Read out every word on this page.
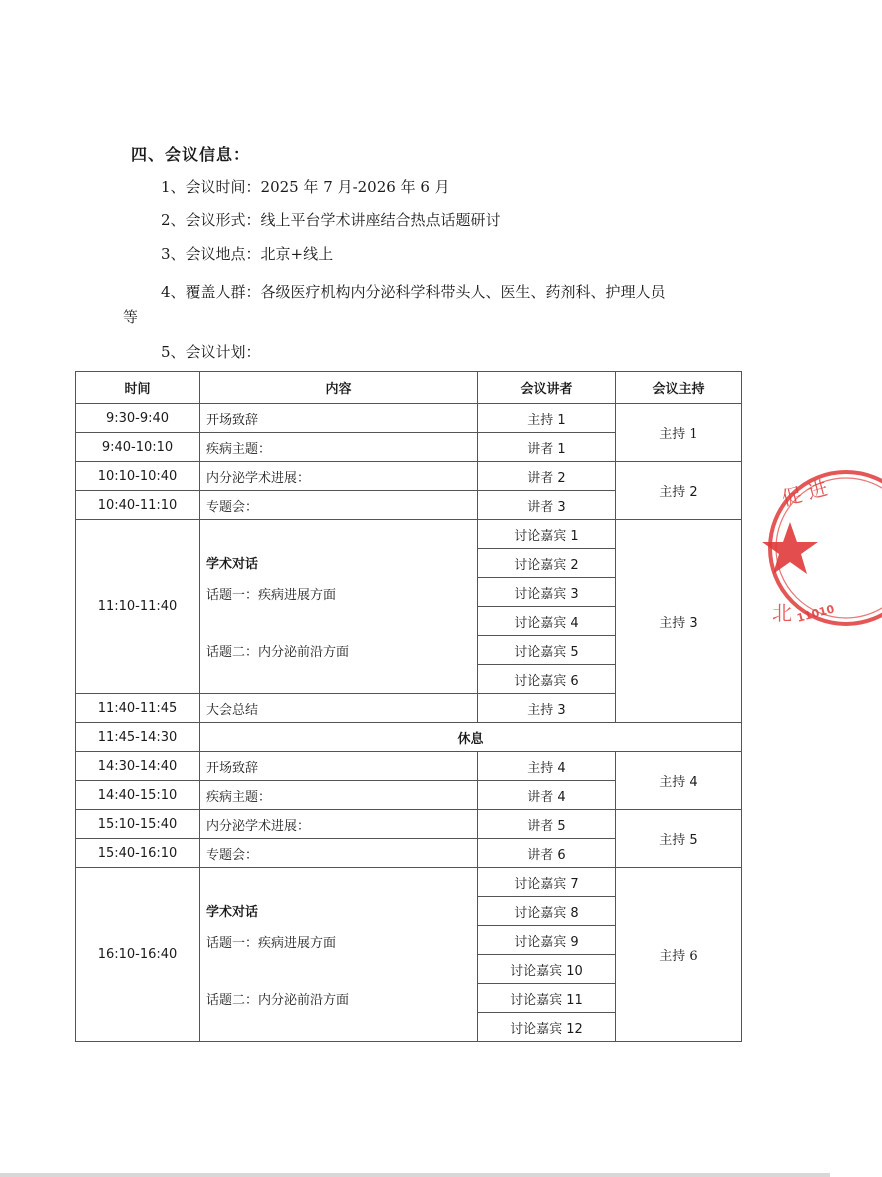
四、会议信息：
1、会议时间：2025 年 7 月-2026 年 6 月
2、会议形式：线上平台学术讲座结合热点话题研讨
3、会议地点：北京+线上
4、覆盖人群：各级医疗机构内分泌科学科带头人、医生、药剂科、护理人员
等
5、会议计划：
时间	内容	会议讲者	会议主持
9:30-9:40	开场致辞	主持 1	主持 1
9:40-10:10	疾病主题：	讲者 1	
10:10-10:40	内分泌学术进展：	讲者 2	主持 2
10:40-11:10	专题会：	讲者 3	
11:10-11:40	学术对话
话题一：疾病进展方面
话题二：内分泌前沿方面	讨论嘉宾 1	主持 3
		讨论嘉宾 2	
		讨论嘉宾 3	
		讨论嘉宾 4	
		讨论嘉宾 5	
		讨论嘉宾 6	
11:40-11:45	大会总结	主持 3	
11:45-14:30	休息		
14:30-14:40	开场致辞	主持 4	主持 4
14:40-15:10	疾病主题：	讲者 4	
15:10-15:40	内分泌学术进展：	讲者 5	主持 5
15:40-16:10	专题会：	讲者 6	
16:10-16:40	学术对话
话题一：疾病进展方面
话题二：内分泌前沿方面	讨论嘉宾 7	主持 6
		讨论嘉宾 8	
		讨论嘉宾 9	
		讨论嘉宾 10	
		讨论嘉宾 11	
		讨论嘉宾 12	
促 进
北 11010
